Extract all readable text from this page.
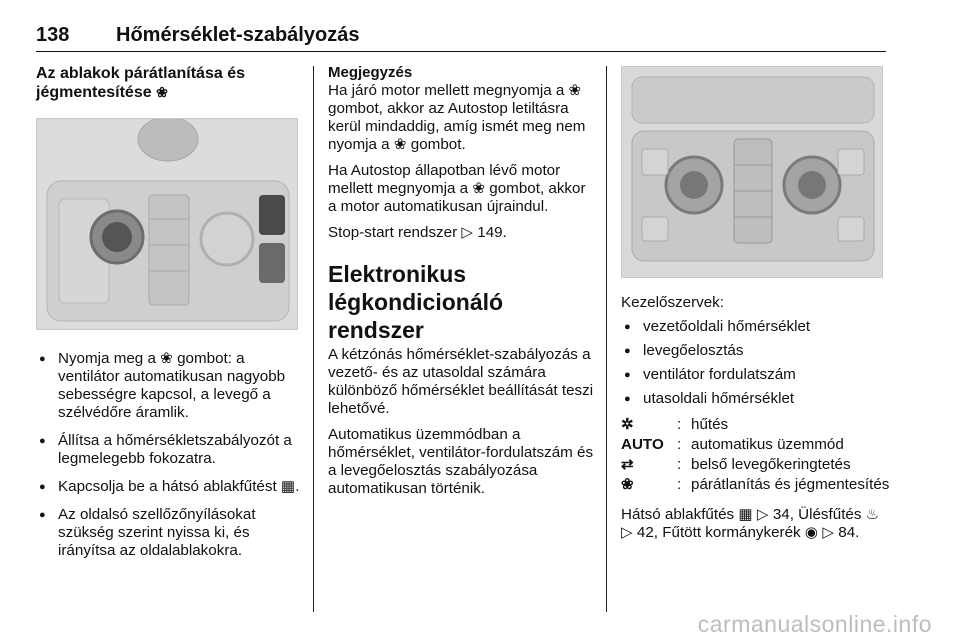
138 Hőmérséklet-szabályozás
Az ablakok párátlanítása és
jégmentesítése ❀
● Nyomja meg a ❀ gombot: a ventilátor automatikusan nagyobb sebességre kapcsol, a levegő a szélvédőre áramlik.
● Állítsa a hőmérsékletszabályozót a legmelegebb fokozatra.
● Kapcsolja be a hátsó ablakfűtést ▦.
● Az oldalsó szellőzőnyílásokat szükség szerint nyissa ki, és irányítsa az oldalablakokra.
Megjegyzés

Ha járó motor mellett megnyomja a ❀ gombot, akkor az Autostop letiltásra kerül mindaddig, amíg ismét meg nem nyomja a ❀ gombot.

Ha Autostop állapotban lévő motor mellett megnyomja a ❀ gombot, akkor a motor automatikusan újraindul.

Stop-start rendszer ▷ 149.

Elektronikus légkondicionáló rendszer

A kétzónás hőmérséklet-szabályozás a vezető- és az utasoldal számára különböző hőmérséklet beállítását teszi lehetővé.

Automatikus üzemmódban a hőmérséklet, ventilátor-fordulatszám és a levegőelosztás szabályozása automatikusan történik.

Kezelőszervek:
● vezetőoldali hőmérséklet
● levegőelosztás
● ventilátor fordulatszám
● utasoldali hőmérséklet
✲	: hűtés
AUTO : automatikus üzemmód
⇄	: belső levegőkeringtetés
❀	: párátlanítás és jégmentesítés
Hátsó ablakfűtés ▦ ▷ 34, Ülésfűtés ♨ ▷ 42, Fűtött kormánykerék ◉ ▷ 84.
carmanualsonline.info
